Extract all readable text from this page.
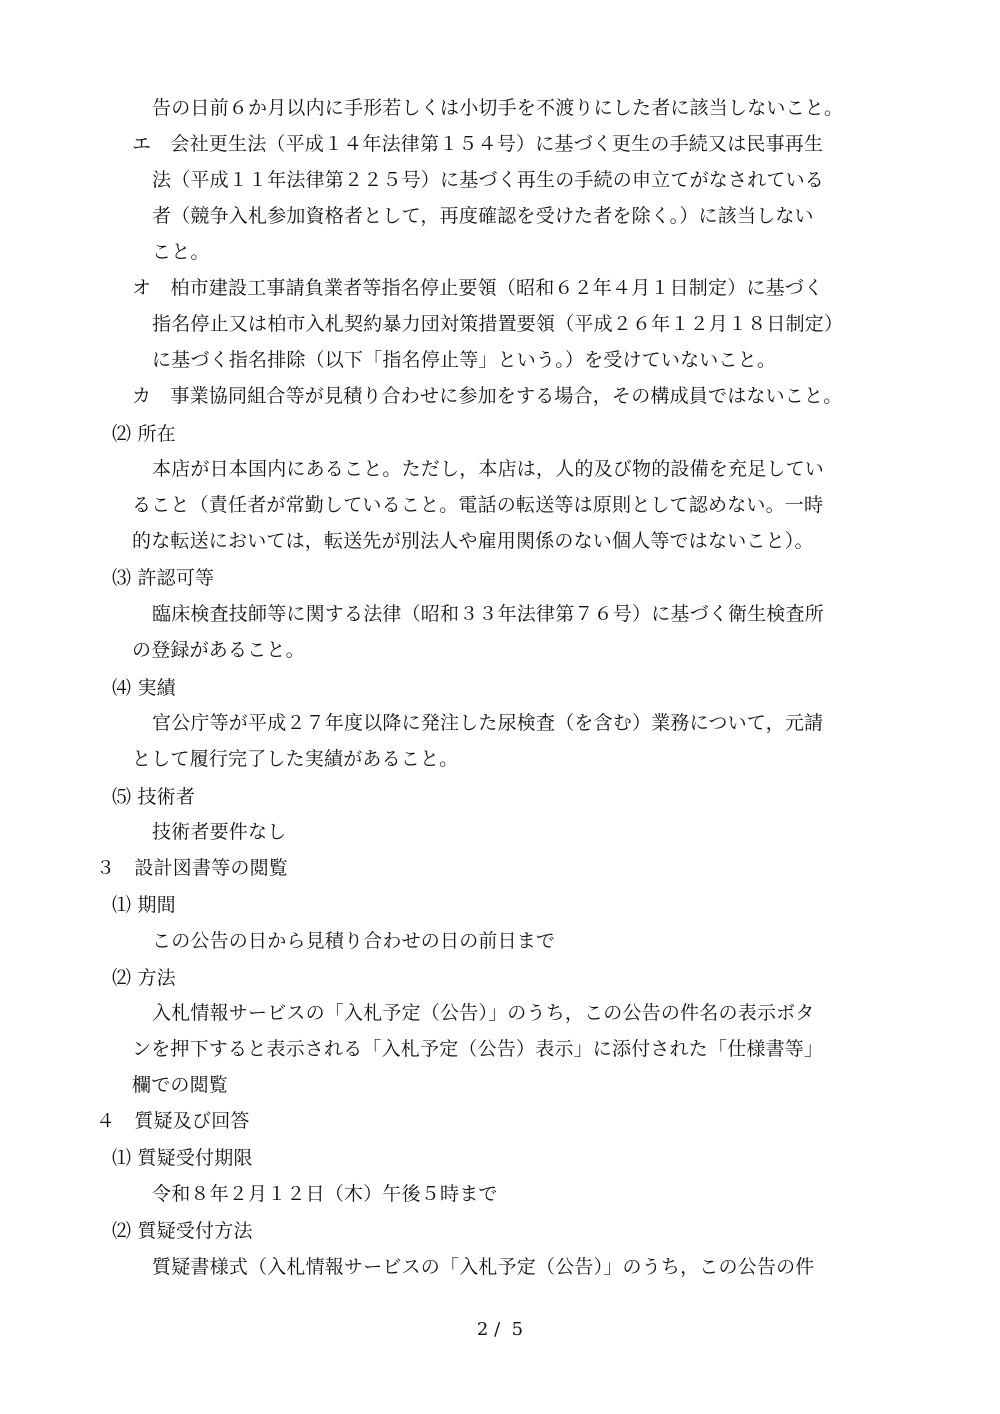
告の日前６か月以内に手形若しくは小切手を不渡りにした者に該当しないこと。
エ　会社更生法（平成１４年法律第１５４号）に基づく更生の手続又は民事再生
法（平成１１年法律第２２５号）に基づく再生の手続の申立てがなされている
者（競争入札参加資格者として，再度確認を受けた者を除く。）に該当しない
こと。
オ　柏市建設工事請負業者等指名停止要領（昭和６２年４月１日制定）に基づく
指名停止又は柏市入札契約暴力団対策措置要領（平成２６年１２月１８日制定）
に基づく指名排除（以下「指名停止等」という。）を受けていないこと。
カ　事業協同組合等が見積り合わせに参加をする場合，その構成員ではないこと。
⑵ 所在
本店が日本国内にあること。ただし，本店は，人的及び物的設備を充足してい
ること（責任者が常勤していること。電話の転送等は原則として認めない。一時
的な転送においては，転送先が別法人や雇用関係のない個人等ではないこと）。
⑶ 許認可等
臨床検査技師等に関する法律（昭和３３年法律第７６号）に基づく衛生検査所
の登録があること。
⑷ 実績
官公庁等が平成２７年度以降に発注した尿検査（を含む）業務について，元請
として履行完了した実績があること。
⑸ 技術者
技術者要件なし
３　設計図書等の閲覧
⑴ 期間
この公告の日から見積り合わせの日の前日まで
⑵ 方法
入札情報サービスの「入札予定（公告）」のうち，この公告の件名の表示ボタ
ンを押下すると表示される「入札予定（公告）表示」に添付された「仕様書等」
欄での閲覧
４　質疑及び回答
⑴ 質疑受付期限
令和８年２月１２日（木）午後５時まで
⑵ 質疑受付方法
質疑書様式（入札情報サービスの「入札予定（公告）」のうち，この公告の件
2 /  5
